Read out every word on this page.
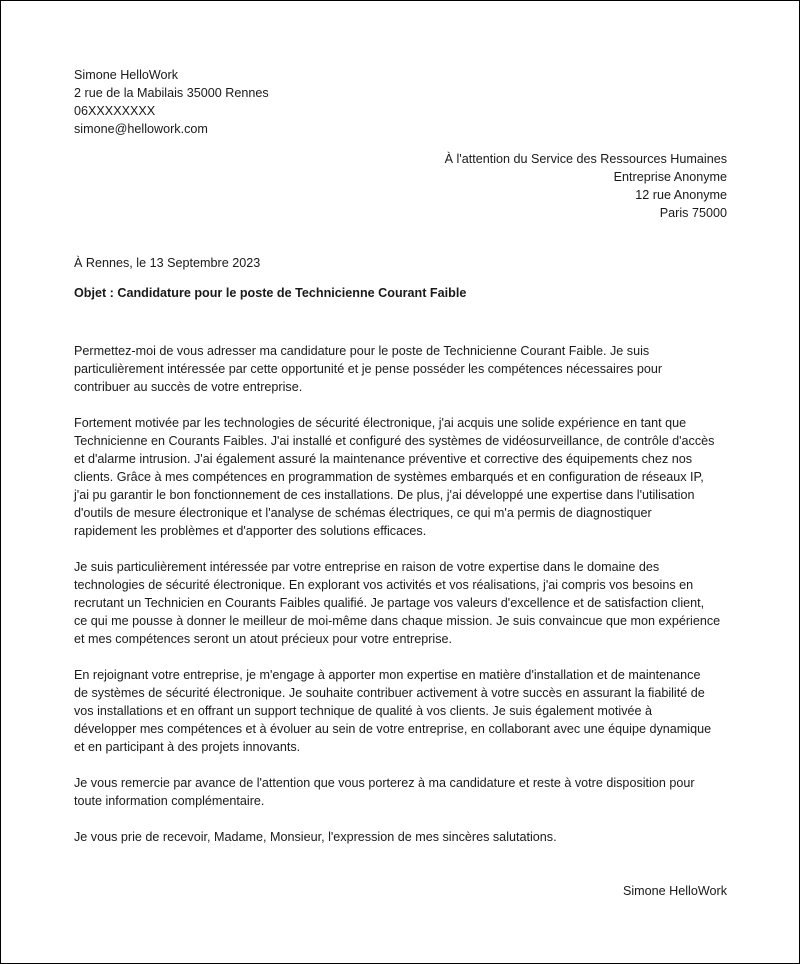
Simone HelloWork
2 rue de la Mabilais 35000 Rennes
06XXXXXXXX
simone@hellowork.com
À l'attention du Service des Ressources Humaines
Entreprise Anonyme
12 rue Anonyme
Paris 75000
À Rennes, le 13 Septembre 2023
Objet : Candidature pour le poste de Technicienne Courant Faible
Permettez-moi de vous adresser ma candidature pour le poste de Technicienne Courant Faible. Je suis
particulièrement intéressée par cette opportunité et je pense posséder les compétences nécessaires pour
contribuer au succès de votre entreprise.
Fortement motivée par les technologies de sécurité électronique, j'ai acquis une solide expérience en tant que
Technicienne en Courants Faibles. J'ai installé et configuré des systèmes de vidéosurveillance, de contrôle d'accès
et d'alarme intrusion. J'ai également assuré la maintenance préventive et corrective des équipements chez nos
clients. Grâce à mes compétences en programmation de systèmes embarqués et en configuration de réseaux IP,
j'ai pu garantir le bon fonctionnement de ces installations. De plus, j'ai développé une expertise dans l'utilisation
d'outils de mesure électronique et l'analyse de schémas électriques, ce qui m'a permis de diagnostiquer
rapidement les problèmes et d'apporter des solutions efficaces.
Je suis particulièrement intéressée par votre entreprise en raison de votre expertise dans le domaine des
technologies de sécurité électronique. En explorant vos activités et vos réalisations, j'ai compris vos besoins en
recrutant un Technicien en Courants Faibles qualifié. Je partage vos valeurs d'excellence et de satisfaction client,
ce qui me pousse à donner le meilleur de moi-même dans chaque mission. Je suis convaincue que mon expérience
et mes compétences seront un atout précieux pour votre entreprise.
En rejoignant votre entreprise, je m'engage à apporter mon expertise en matière d'installation et de maintenance
de systèmes de sécurité électronique. Je souhaite contribuer activement à votre succès en assurant la fiabilité de
vos installations et en offrant un support technique de qualité à vos clients. Je suis également motivée à
développer mes compétences et à évoluer au sein de votre entreprise, en collaborant avec une équipe dynamique
et en participant à des projets innovants.
Je vous remercie par avance de l'attention que vous porterez à ma candidature et reste à votre disposition pour
toute information complémentaire.
Je vous prie de recevoir, Madame, Monsieur, l'expression de mes sincères salutations.
Simone HelloWork
